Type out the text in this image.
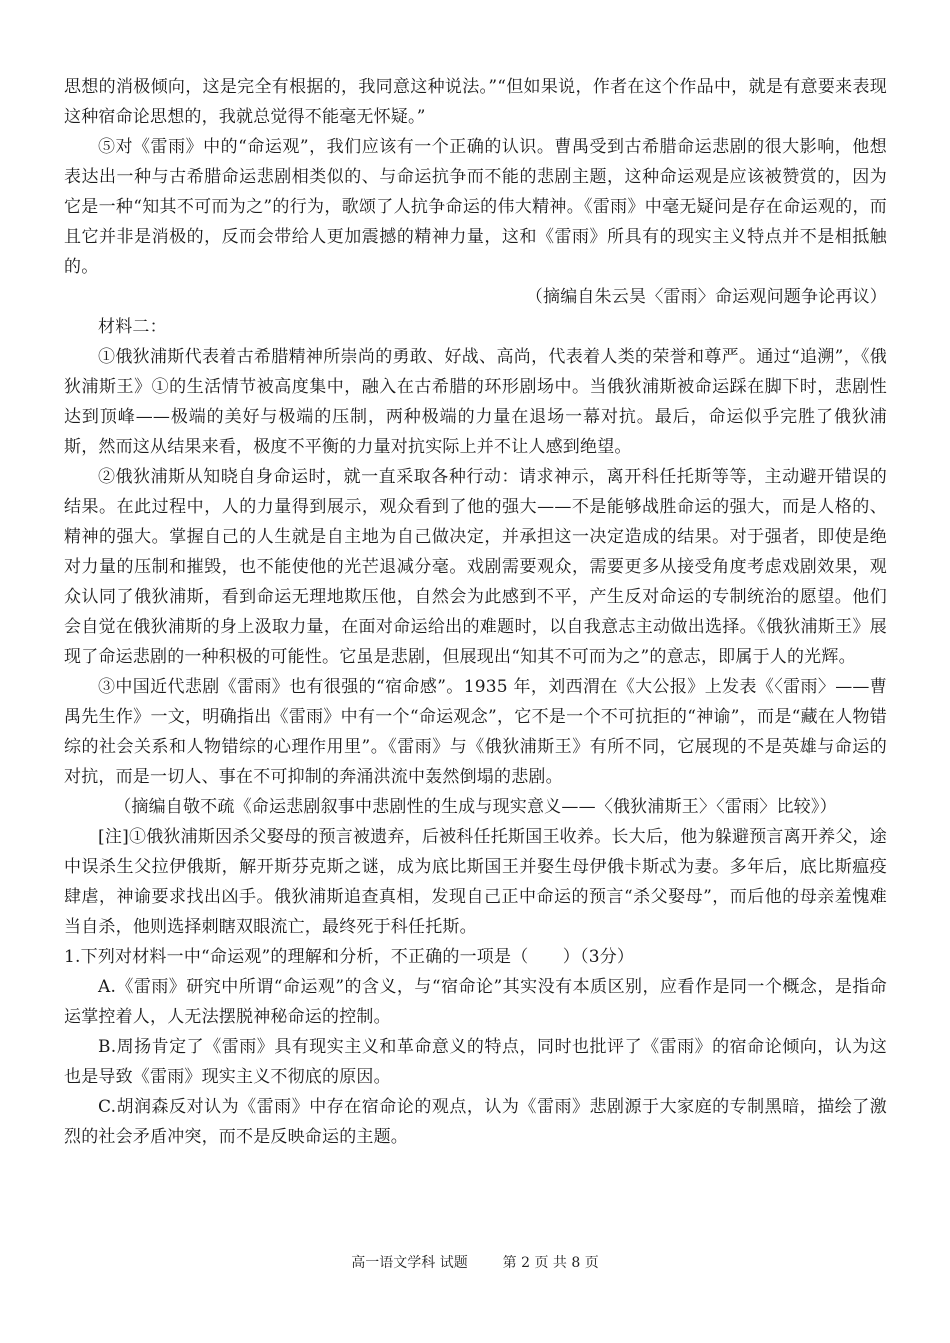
思想的消极倾向，这是完全有根据的，我同意这种说法。”“但如果说，作者在这个作品中，就是有意要来表现这种宿命论思想的，我就总觉得不能毫无怀疑。”

⑤对《雷雨》中的“命运观”，我们应该有一个正确的认识。曹禺受到古希腊命运悲剧的很大影响，他想表达出一种与古希腊命运悲剧相类似的、与命运抗争而不能的悲剧主题，这种命运观是应该被赞赏的，因为它是一种“知其不可而为之”的行为，歌颂了人抗争命运的伟大精神。《雷雨》中毫无疑问是存在命运观的，而且它并非是消极的，反而会带给人更加震撼的精神力量，这和《雷雨》所具有的现实主义特点并不是相抵触的。

（摘编自朱云昊〈雷雨〉命运观问题争论再议）

材料二：

①俄狄浦斯代表着古希腊精神所崇尚的勇敢、好战、高尚，代表着人类的荣誉和尊严。通过“追溯”，《俄狄浦斯王》①的生活情节被高度集中，融入在古希腊的环形剧场中。当俄狄浦斯被命运踩在脚下时，悲剧性达到顶峰——极端的美好与极端的压制，两种极端的力量在退场一幕对抗。最后，命运似乎完胜了俄狄浦斯，然而这从结果来看，极度不平衡的力量对抗实际上并不让人感到绝望。

②俄狄浦斯从知晓自身命运时，就一直采取各种行动：请求神示，离开科任托斯等等，主动避开错误的结果。在此过程中，人的力量得到展示，观众看到了他的强大——不是能够战胜命运的强大，而是人格的、精神的强大。掌握自己的人生就是自主地为自己做决定，并承担这一决定造成的结果。对于强者，即使是绝对力量的压制和摧毁，也不能使他的光芒退减分毫。戏剧需要观众，需要更多从接受角度考虑戏剧效果，观众认同了俄狄浦斯，看到命运无理地欺压他，自然会为此感到不平，产生反对命运的专制统治的愿望。他们会自觉在俄狄浦斯的身上汲取力量，在面对命运给出的难题时，以自我意志主动做出选择。《俄狄浦斯王》展现了命运悲剧的一种积极的可能性。它虽是悲剧，但展现出“知其不可而为之”的意志，即属于人的光辉。

③中国近代悲剧《雷雨》也有很强的“宿命感”。1935 年，刘西渭在《大公报》上发表《〈雷雨〉——曹禺先生作》一文，明确指出《雷雨》中有一个“命运观念”，它不是一个不可抗拒的“神谕”，而是“藏在人物错综的社会关系和人物错综的心理作用里”。《雷雨》与《俄狄浦斯王》有所不同，它展现的不是英雄与命运的对抗，而是一切人、事在不可抑制的奔涌洪流中轰然倒塌的悲剧。

（摘编自敬不疏《命运悲剧叙事中悲剧性的生成与现实意义——〈俄狄浦斯王〉〈雷雨〉比较》）

[注]①俄狄浦斯因杀父娶母的预言被遗弃，后被科任托斯国王收养。长大后，他为躲避预言离开养父，途中误杀生父拉伊俄斯，解开斯芬克斯之谜，成为底比斯国王并娶生母伊俄卡斯忒为妻。多年后，底比斯瘟疫肆虐，神谕要求找出凶手。俄狄浦斯追查真相，发现自己正中命运的预言“杀父娶母”，而后他的母亲羞愧难当自杀，他则选择刺瞎双眼流亡，最终死于科任托斯。

1.下列对材料一中“命运观”的理解和分析，不正确的一项是（　　）（3分）

A.《雷雨》研究中所谓“命运观”的含义，与“宿命论”其实没有本质区别，应看作是同一个概念，是指命运掌控着人，人无法摆脱神秘命运的控制。

B.周扬肯定了《雷雨》具有现实主义和革命意义的特点，同时也批评了《雷雨》的宿命论倾向，认为这也是导致《雷雨》现实主义不彻底的原因。

C.胡润森反对认为《雷雨》中存在宿命论的观点，认为《雷雨》悲剧源于大家庭的专制黑暗，描绘了激烈的社会矛盾冲突，而不是反映命运的主题。

高一语文学科 试题 第 2 页 共 8 页
